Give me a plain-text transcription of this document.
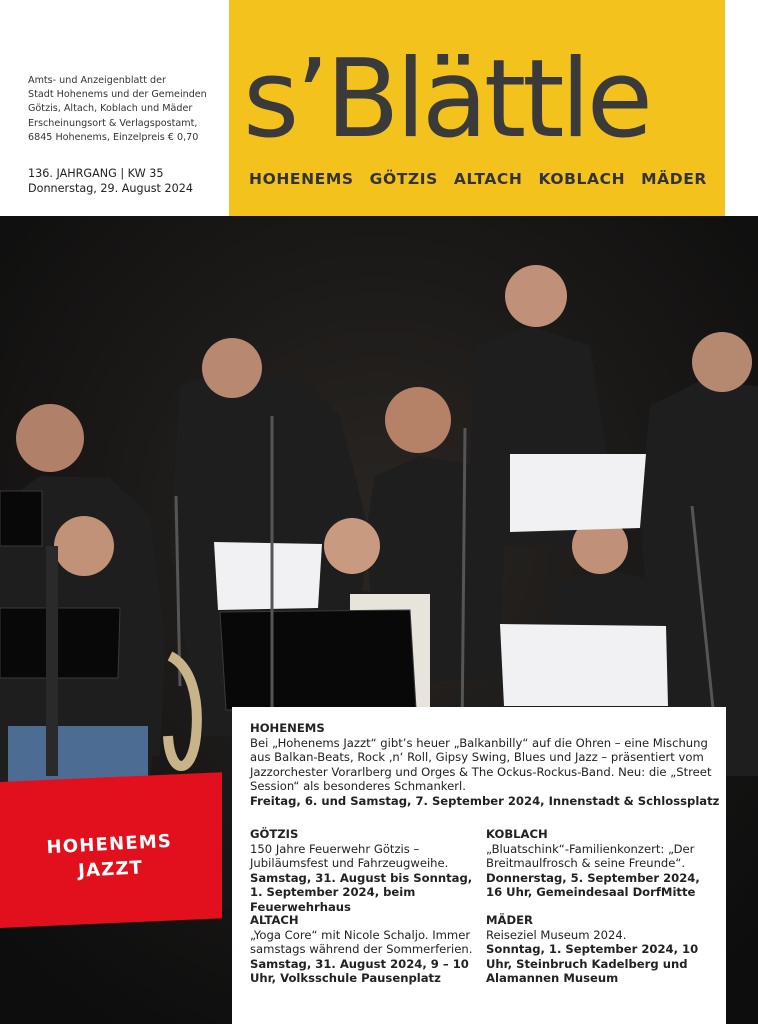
Amts- und Anzeigenblatt der
Stadt Hohenems und der Gemeinden
Götzis, Altach, Koblach und Mäder
Erscheinungsort & Verlagspostamt,
6845 Hohenems, Einzelpreis € 0,70
136. JAHRGANG | KW 35
Donnerstag, 29. August 2024
s’Blättle
HOHENEMS GÖTZIS ALTACH KOBLACH MÄDER
HOHENEMS
JAZZT
HOHENEMS
Bei „Hohenems Jazzt“ gibt’s heuer „Balkanbilly“ auf die Ohren – eine Mischung aus Balkan-Beats, Rock ‚n‘ Roll, Gipsy Swing, Blues und Jazz – präsentiert vom Jazzorchester Vorarlberg und Orges & The Ockus-Rockus-Band. Neu: die „Street Session“ als besonderes Schmankerl.
Freitag, 6. und Samstag, 7. September 2024, Innenstadt & Schlossplatz
GÖTZIS
150 Jahre Feuerwehr Götzis – Jubiläumsfest und Fahrzeugweihe.
Samstag, 31. August bis Sonntag, 1. September 2024, beim Feuerwehrhaus
KOBLACH
„Bluatschink“-Familienkonzert: „Der Breitmaulfrosch & seine Freunde“.
Donnerstag, 5. September 2024, 16 Uhr, Gemeindesaal DorfMitte
ALTACH
„Yoga Core“ mit Nicole Schaljo. Immer samstags während der Sommerferien.
Samstag, 31. August 2024, 9 – 10 Uhr, Volksschule Pausenplatz
MÄDER
Reiseziel Museum 2024.
Sonntag, 1. September 2024, 10 Uhr, Steinbruch Kadelberg und Alamannen Museum
